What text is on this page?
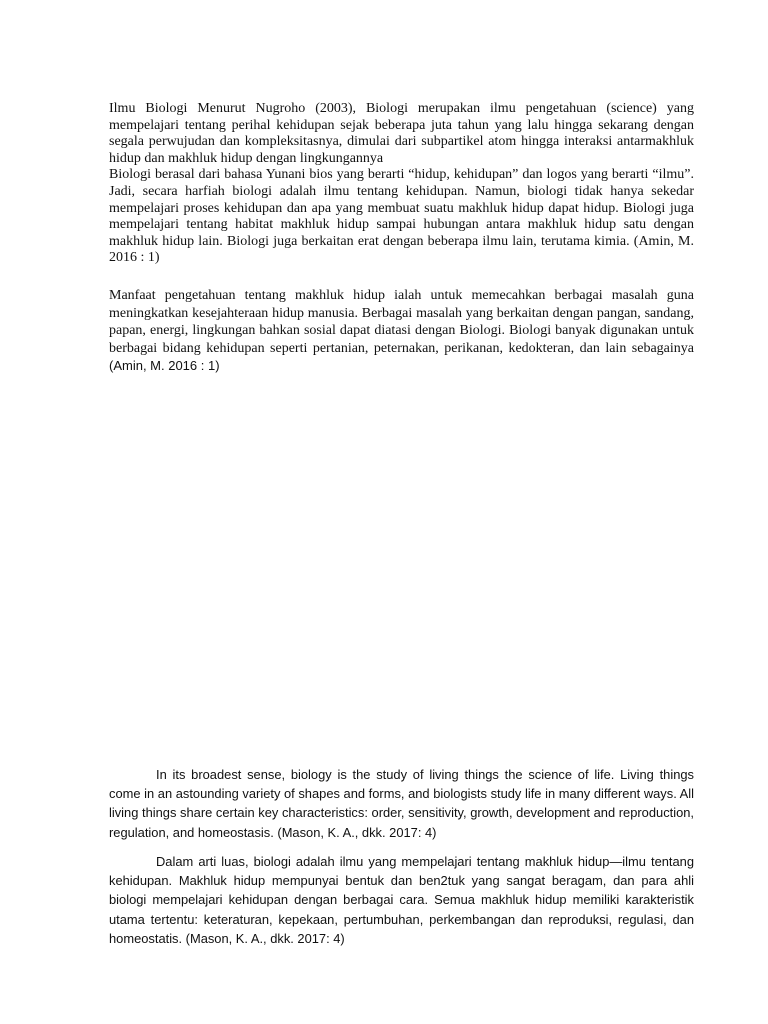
Ilmu Biologi Menurut Nugroho (2003), Biologi merupakan ilmu pengetahuan (science) yang mempelajari tentang perihal kehidupan sejak beberapa juta tahun yang lalu hingga sekarang dengan segala perwujudan dan kompleksitasnya, dimulai dari subpartikel atom hingga interaksi antarmakhluk hidup dan makhluk hidup dengan lingkungannya

Biologi berasal dari bahasa Yunani bios yang berarti “hidup, kehidupan” dan logos yang berarti “ilmu”. Jadi, secara harfiah biologi adalah ilmu tentang kehidupan. Namun, biologi tidak hanya sekedar mempelajari proses kehidupan dan apa yang membuat suatu makhluk hidup dapat hidup. Biologi juga mempelajari tentang habitat makhluk hidup sampai hubungan antara makhluk hidup satu dengan makhluk hidup lain. Biologi juga berkaitan erat dengan beberapa ilmu lain, terutama kimia. (Amin, M. 2016 : 1)

Manfaat pengetahuan tentang makhluk hidup ialah untuk memecahkan berbagai masalah guna meningkatkan kesejahteraan hidup manusia. Berbagai masalah yang berkaitan dengan pangan, sandang, papan, energi, lingkungan bahkan sosial dapat diatasi dengan Biologi. Biologi banyak digunakan untuk berbagai bidang kehidupan seperti pertanian, peternakan, perikanan, kedokteran, dan lain sebagainya (Amin, M. 2016 : 1)

In its broadest sense, biology is the study of living things the science of life. Living things come in an astounding variety of shapes and forms, and biologists study life in many different ways. All living things share certain key characteristics: order, sensitivity, growth, development and reproduction, regulation, and homeostasis. (Mason, K. A., dkk. 2017: 4)

Dalam arti luas, biologi adalah ilmu yang mempelajari tentang makhluk hidup—ilmu tentang kehidupan. Makhluk hidup mempunyai bentuk dan ben2tuk yang sangat beragam, dan para ahli biologi mempelajari kehidupan dengan berbagai cara. Semua makhluk hidup memiliki karakteristik utama tertentu: keteraturan, kepekaan, pertumbuhan, perkembangan dan reproduksi, regulasi, dan homeostatis. (Mason, K. A., dkk. 2017: 4)
